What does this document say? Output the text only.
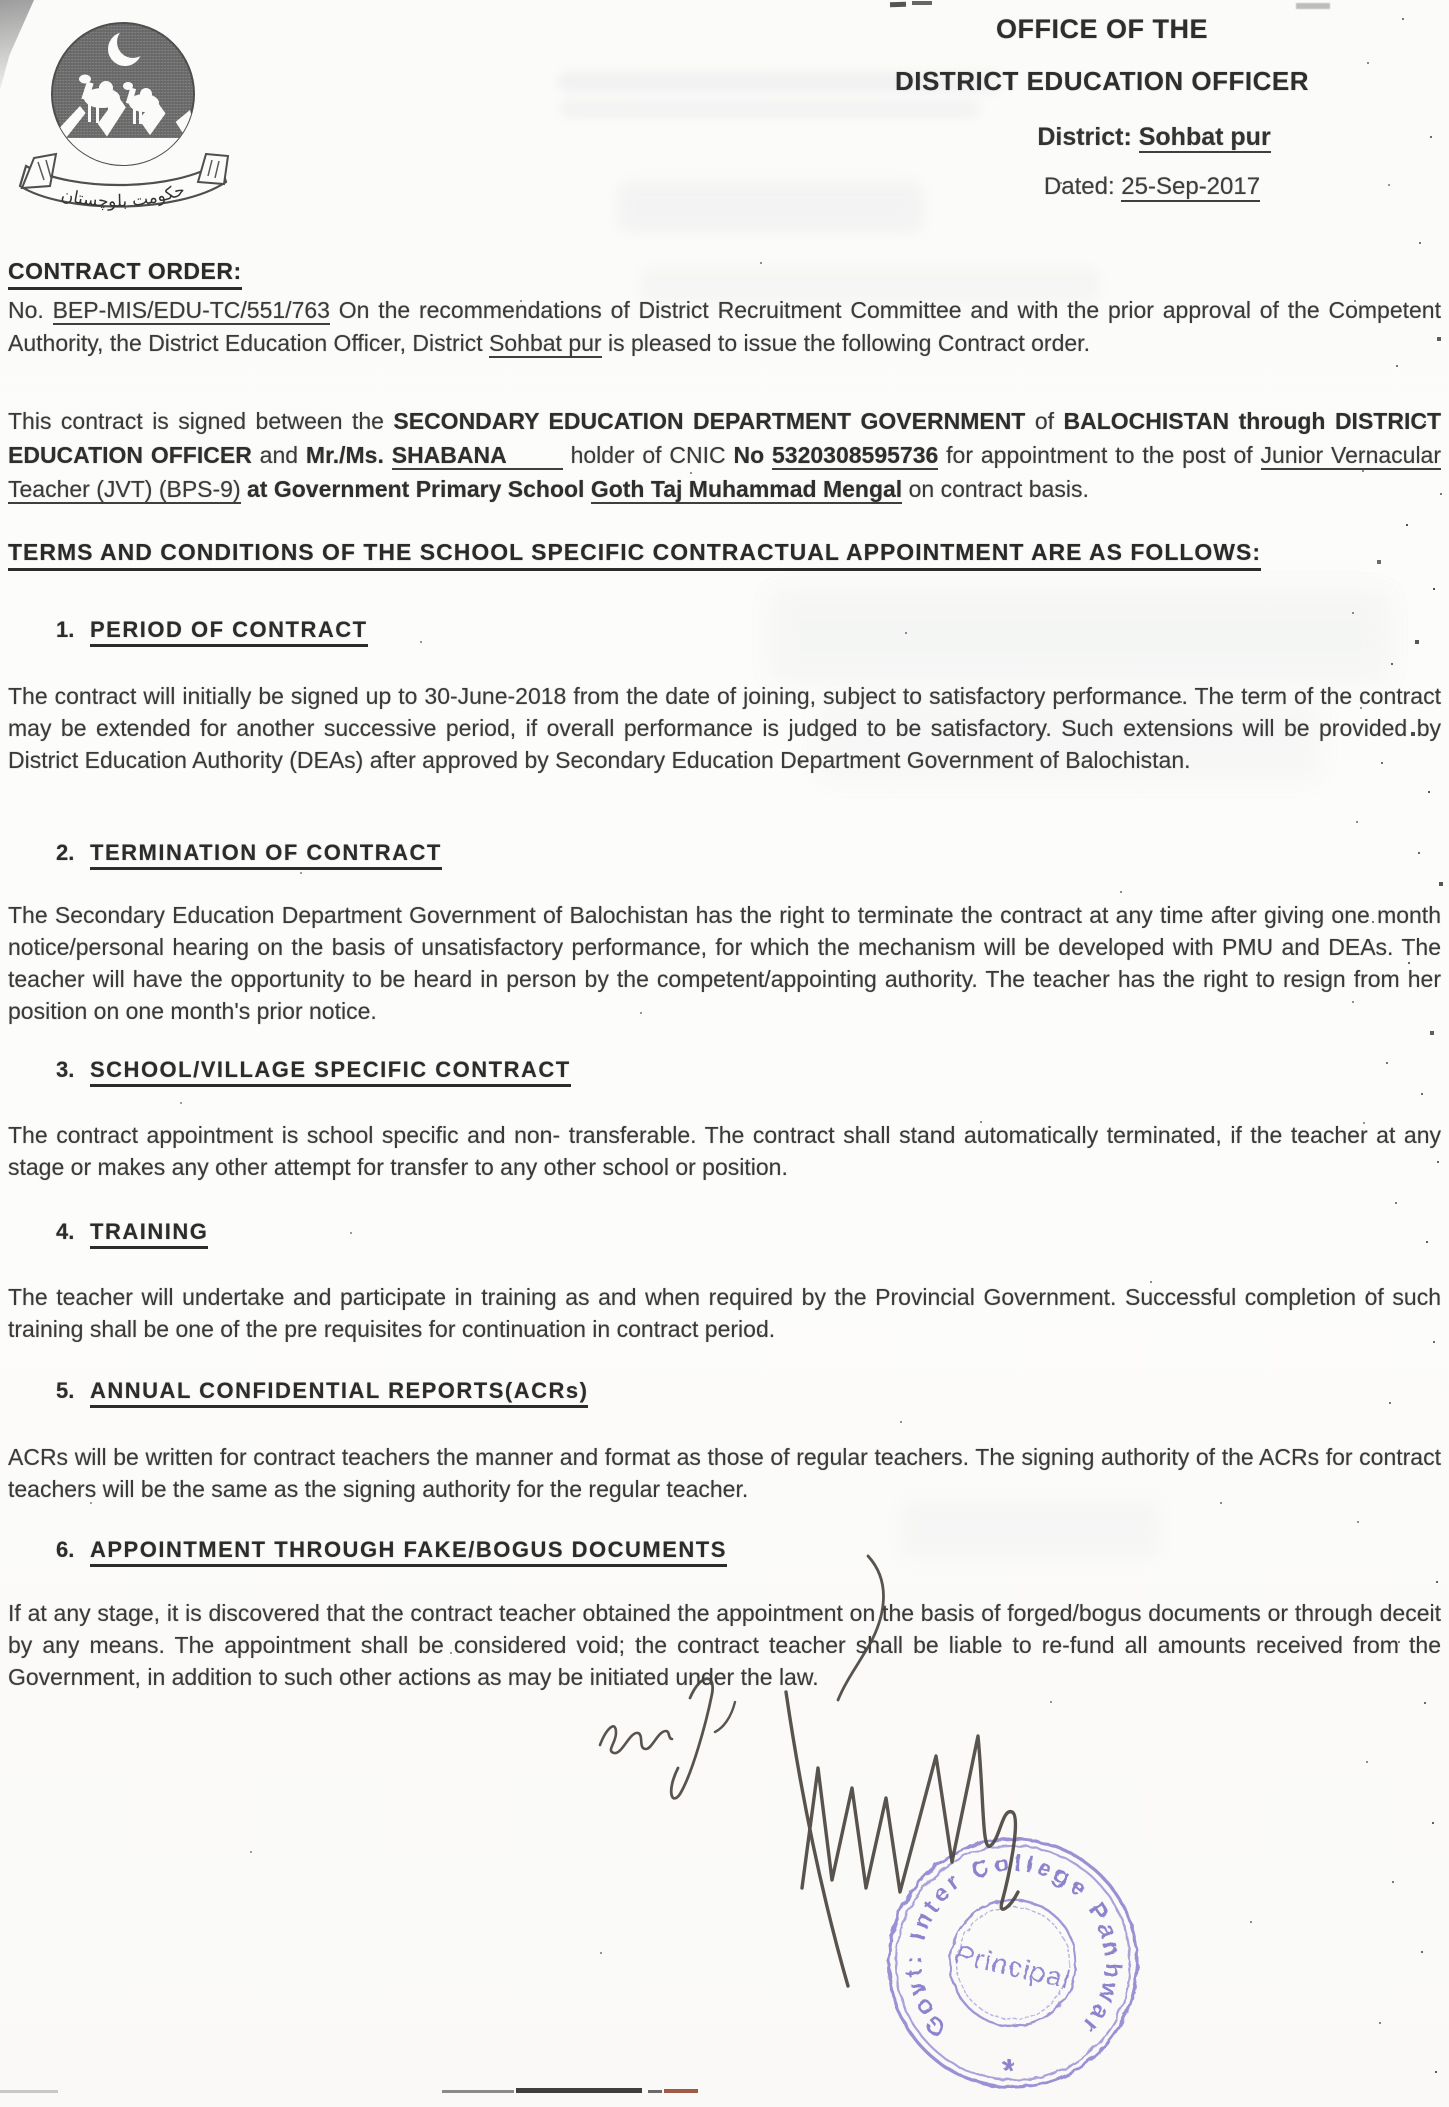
حکومت بلوچستان
OFFICE OF THE
DISTRICT EDUCATION OFFICER
District: Sohbat pur
Dated: 25-Sep-2017
CONTRACT ORDER:

No. BEP-MIS/EDU-TC/551/763 On the recommendations of District Recruitment Committee and with the prior approval of the Competent Authority, the District Education Officer, District Sohbat pur is pleased to issue the following Contract order.

This contract is signed between the SECONDARY EDUCATION DEPARTMENT GOVERNMENT of BALOCHISTAN through DISTRICT EDUCATION OFFICER and Mr./Ms. SHABANA holder of CNIC No 5320308595736 for appointment to the post of Junior Vernacular Teacher (JVT) (BPS-9) at Government Primary School Goth Taj Muhammad Mengal on contract basis.

TERMS AND CONDITIONS OF THE SCHOOL SPECIFIC CONTRACTUAL APPOINTMENT ARE AS FOLLOWS:
1. PERIOD OF CONTRACT

The contract will initially be signed up to 30-June-2018 from the date of joining, subject to satisfactory performance. The term of the contract may be extended for another successive period, if overall performance is judged to be satisfactory. Such extensions will be provided by District Education Authority (DEAs) after approved by Secondary Education Department Government of Balochistan.

2. TERMINATION OF CONTRACT

The Secondary Education Department Government of Balochistan has the right to terminate the contract at any time after giving one month notice/personal hearing on the basis of unsatisfactory performance, for which the mechanism will be developed with PMU and DEAs. The teacher will have the opportunity to be heard in person by the competent/appointing authority. The teacher has the right to resign from her position on one month's prior notice.

3. SCHOOL/VILLAGE SPECIFIC CONTRACT

The contract appointment is school specific and non- transferable. The contract shall stand automatically terminated, if the teacher at any stage or makes any other attempt for transfer to any other school or position.

4. TRAINING

The teacher will undertake and participate in training as and when required by the Provincial Government. Successful completion of such training shall be one of the pre requisites for continuation in contract period.

5. ANNUAL CONFIDENTIAL REPORTS(ACRs)

ACRs will be written for contract teachers the manner and format as those of regular teachers. The signing authority of the ACRs for contract teachers will be the same as the signing authority for the regular teacher.

6. APPOINTMENT THROUGH FAKE/BOGUS DOCUMENTS

If at any stage, it is discovered that the contract teacher obtained the appointment on the basis of forged/bogus documents or through deceit by any means. The appointment shall be considered void; the contract teacher shall be liable to re-fund all amounts received from the Government, in addition to such other actions as may be initiated under the law.

Govt: Inter College Panhwar
*
Principal
